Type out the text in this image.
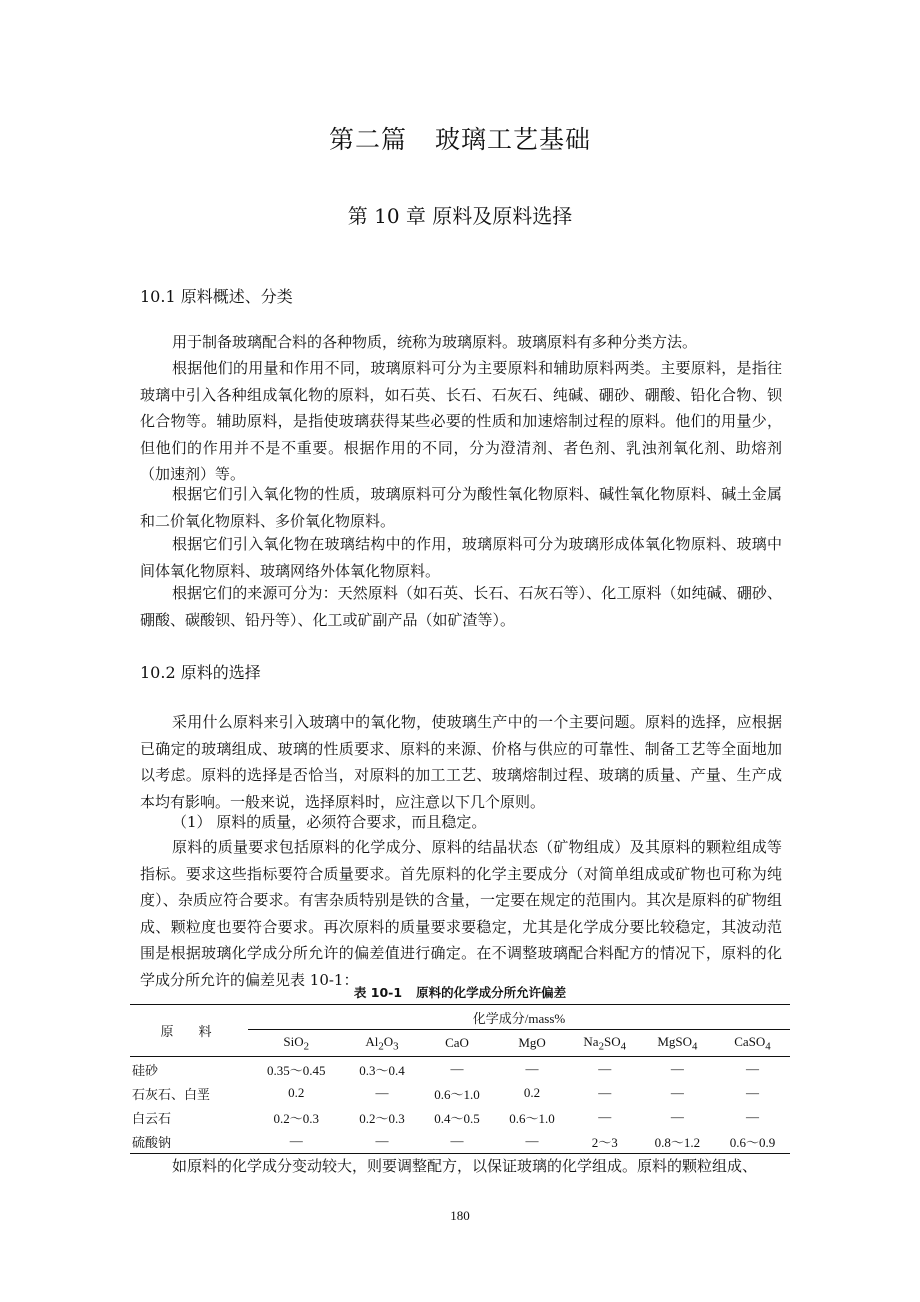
第二篇 玻璃工艺基础
第 10 章 原料及原料选择
10.1 原料概述、分类

用于制备玻璃配合料的各种物质，统称为玻璃原料。玻璃原料有多种分类方法。

根据他们的用量和作用不同，玻璃原料可分为主要原料和辅助原料两类。主要原料，是指往玻璃中引入各种组成氧化物的原料，如石英、长石、石灰石、纯碱、硼砂、硼酸、铅化合物、钡化合物等。辅助原料，是指使玻璃获得某些必要的性质和加速熔制过程的原料。他们的用量少，但他们的作用并不是不重要。根据作用的不同，分为澄清剂、者色剂、乳浊剂氧化剂、助熔剂（加速剂）等。

根据它们引入氧化物的性质，玻璃原料可分为酸性氧化物原料、碱性氧化物原料、碱土金属和二价氧化物原料、多价氧化物原料。

根据它们引入氧化物在玻璃结构中的作用，玻璃原料可分为玻璃形成体氧化物原料、玻璃中间体氧化物原料、玻璃网络外体氧化物原料。

根据它们的来源可分为：天然原料（如石英、长石、石灰石等）、化工原料（如纯碱、硼砂、硼酸、碳酸钡、铅丹等）、化工或矿副产品（如矿渣等）。

10.2 原料的选择

采用什么原料来引入玻璃中的氧化物，使玻璃生产中的一个主要问题。原料的选择，应根据已确定的玻璃组成、玻璃的性质要求、原料的来源、价格与供应的可靠性、制备工艺等全面地加以考虑。原料的选择是否恰当，对原料的加工工艺、玻璃熔制过程、玻璃的质量、产量、生产成本均有影响。一般来说，选择原料时，应注意以下几个原则。

（1） 原料的质量，必须符合要求，而且稳定。

原料的质量要求包括原料的化学成分、原料的结晶状态（矿物组成）及其原料的颗粒组成等指标。要求这些指标要符合质量要求。首先原料的化学主要成分（对简单组成或矿物也可称为纯度）、杂质应符合要求。有害杂质特别是铁的含量，一定要在规定的范围内。其次是原料的矿物组成、颗粒度也要符合要求。再次原料的质量要求要稳定，尤其是化学成分要比较稳定，其波动范围是根据玻璃化学成分所允许的偏差值进行确定。在不调整玻璃配合料配方的情况下，原料的化学成分所允许的偏差见表 10-1：

表 10-1 原料的化学成分所允许偏差
原　料	化学成分/mass%						
	SiO$_2$	$Al_2O_3$	CaO	MgO	$Na_2SO_4$	MgSO$_4$	CaSO$_4$
硅砂	0.35～0.45	0.3～0.4	—	—	—	—	—
石灰石、白垩	0.2	—	0.6～1.0	0.2	—	—	—
白云石	0.2～0.3	0.2～0.3	0.4～0.5	0.6～1.0	—	—	—
硫酸钠	—	—	—	—	2～3	0.8～1.2	0.6～0.9

如原料的化学成分变动较大，则要调整配方，以保证玻璃的化学组成。原料的颗粒组成、

180
